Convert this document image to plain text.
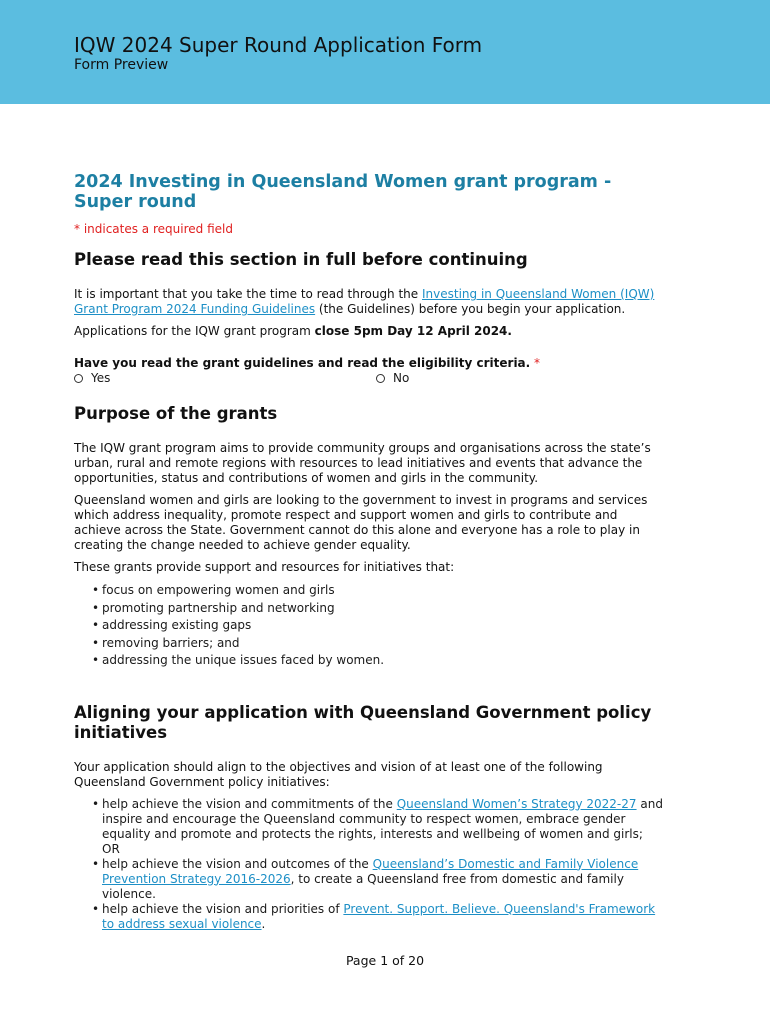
IQW 2024 Super Round Application Form
Form Preview
2024 Investing in Queensland Women grant program - Super round
* indicates a required field
Please read this section in full before continuing

It is important that you take the time to read through the Investing in Queensland Women (IQW) Grant Program 2024 Funding Guidelines (the Guidelines) before you begin your application.

Applications for the IQW grant program close 5pm Day 12 April 2024.

Have you read the grant guidelines and read the eligibility criteria. *

Yes	No
Purpose of the grants

The IQW grant program aims to provide community groups and organisations across the state’s urban, rural and remote regions with resources to lead initiatives and events that advance the opportunities, status and contributions of women and girls in the community.

Queensland women and girls are looking to the government to invest in programs and services which address inequality, promote respect and support women and girls to contribute and achieve across the State. Government cannot do this alone and everyone has a role to play in creating the change needed to achieve gender equality.

These grants provide support and resources for initiatives that:

• focus on empowering women and girls
• promoting partnership and networking
• addressing existing gaps
• removing barriers; and
• addressing the unique issues faced by women.
Aligning your application with Queensland Government policy initiatives

Your application should align to the objectives and vision of at least one of the following Queensland Government policy initiatives:

• help achieve the vision and commitments of the Queensland Women’s Strategy 2022-27 and inspire and encourage the Queensland community to respect women, embrace gender equality and promote and protects the rights, interests and wellbeing of women and girls; OR
• help achieve the vision and outcomes of the Queensland’s Domestic and Family Violence Prevention Strategy 2016-2026, to create a Queensland free from domestic and family violence.
• help achieve the vision and priorities of Prevent. Support. Believe. Queensland's Framework to address sexual violence.
Page 1 of 20
